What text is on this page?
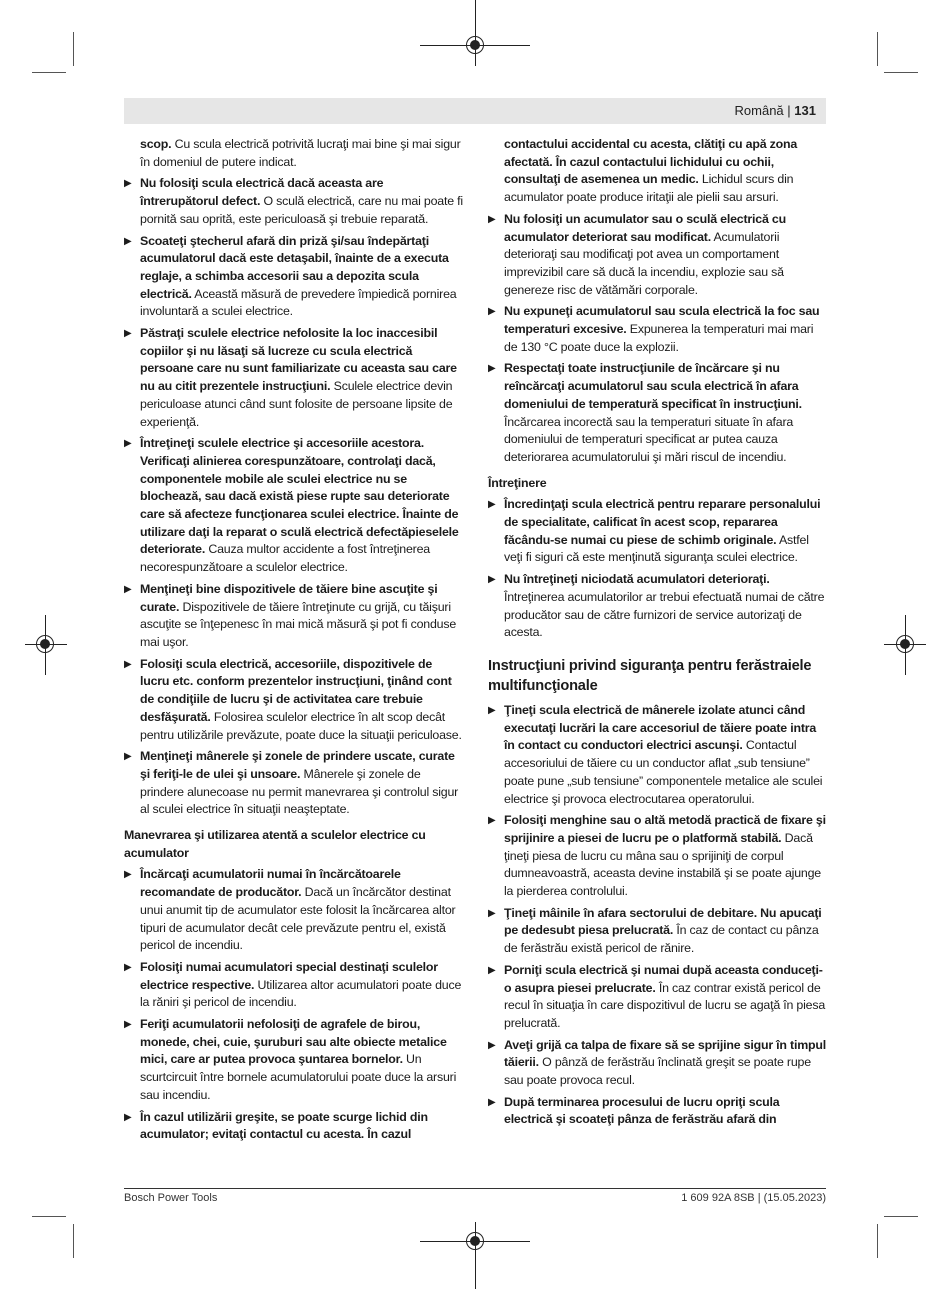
Română | 131
scop. Cu scula electrică potrivită lucraţi mai bine şi mai sigur în domeniul de putere indicat.
▶ Nu folosiţi scula electrică dacă aceasta are întrerupătorul defect. O sculă electrică, care nu mai poate fi pornită sau oprită, este periculoasă şi trebuie reparată.
▶ Scoateţi ştecherul afară din priză şi/sau îndepărtaţi acumulatorul dacă este detaşabil, înainte de a executa reglaje, a schimba accesorii sau a depozita scula electrică. Această măsură de prevedere împiedică pornirea involuntară a sculei electrice.
▶ Păstraţi sculele electrice nefolosite la loc inaccesibil copiilor şi nu lăsaţi să lucreze cu scula electrică persoane care nu sunt familiarizate cu aceasta sau care nu au citit prezentele instrucţiuni. Sculele electrice devin periculoase atunci când sunt folosite de persoane lipsite de experienţă.
▶ Întreţineţi sculele electrice şi accesoriile acestora. Verificaţi alinierea corespunzătoare, controlaţi dacă, componentele mobile ale sculei electrice nu se blochează, sau dacă există piese rupte sau deteriorate care să afecteze funcţionarea sculei electrice. Înainte de utilizare daţi la reparat o sculă electrică defectăpieselele deteriorate. Cauza multor accidente a fost întreţinerea necorespunzătoare a sculelor electrice.
▶ Menţineţi bine dispozitivele de tăiere bine ascuţite şi curate. Dispozitivele de tăiere întreţinute cu grijă, cu tăişuri ascuţite se înţepenesc în mai mică măsură şi pot fi conduse mai uşor.
▶ Folosiţi scula electrică, accesoriile, dispozitivele de lucru etc. conform prezentelor instrucţiuni, ţinând cont de condiţiile de lucru şi de activitatea care trebuie desfăşurată. Folosirea sculelor electrice în alt scop decât pentru utilizările prevăzute, poate duce la situaţii periculoase.
▶ Menţineţi mânerele şi zonele de prindere uscate, curate şi feriţi-le de ulei şi unsoare. Mânerele şi zonele de prindere alunecoase nu permit manevrarea şi controlul sigur al sculei electrice în situaţii neaşteptate.
Manevrarea şi utilizarea atentă a sculelor electrice cu acumulator
▶ Încărcaţi acumulatorii numai în încărcătoarele recomandate de producător. Dacă un încărcător destinat unui anumit tip de acumulator este folosit la încărcarea altor tipuri de acumulator decât cele prevăzute pentru el, există pericol de incendiu.
▶ Folosiţi numai acumulatori special destinaţi sculelor electrice respective. Utilizarea altor acumulatori poate duce la răniri şi pericol de incendiu.
▶ Feriţi acumulatorii nefolosiţi de agrafele de birou, monede, chei, cuie, şuruburi sau alte obiecte metalice mici, care ar putea provoca şuntarea bornelor. Un scurtcircuit între bornele acumulatorului poate duce la arsuri sau incendiu.
▶ În cazul utilizării greşite, se poate scurge lichid din acumulator; evitaţi contactul cu acesta. În cazul
contactului accidental cu acesta, clătiţi cu apă zona afectată. În cazul contactului lichidului cu ochii, consultaţi de asemenea un medic. Lichidul scurs din acumulator poate produce iritaţii ale pielii sau arsuri.
▶ Nu folosiţi un acumulator sau o sculă electrică cu acumulator deteriorat sau modificat. Acumulatorii deterioraţi sau modificaţi pot avea un comportament imprevizibil care să ducă la incendiu, explozie sau să genereze risc de vătămări corporale.
▶ Nu expuneţi acumulatorul sau scula electrică la foc sau temperaturi excesive. Expunerea la temperaturi mai mari de 130 °C poate duce la explozii.
▶ Respectaţi toate instrucţiunile de încărcare şi nu reîncărcaţi acumulatorul sau scula electrică în afara domeniului de temperatură specificat în instrucţiuni. Încărcarea incorectă sau la temperaturi situate în afara domeniului de temperaturi specificat ar putea cauza deteriorarea acumulatorului şi mări riscul de incendiu.
Întreţinere
▶ Încredinţaţi scula electrică pentru reparare personalului de specialitate, calificat în acest scop, repararea făcându-se numai cu piese de schimb originale. Astfel veţi fi siguri că este menţinută siguranţa sculei electrice.
▶ Nu întreţineţi niciodată acumulatori deterioraţi. Întreţinerea acumulatorilor ar trebui efectuată numai de către producător sau de către furnizori de service autorizaţi de acesta.
Instrucţiuni privind siguranţa pentru ferăstraiele multifuncţionale
▶ Ţineţi scula electrică de mânerele izolate atunci când executaţi lucrări la care accesoriul de tăiere poate intra în contact cu conductori electrici ascunşi. Contactul accesoriului de tăiere cu un conductor aflat „sub tensiune” poate pune „sub tensiune” componentele metalice ale sculei electrice şi provoca electrocutarea operatorului.
▶ Folosiţi menghine sau o altă metodă practică de fixare şi sprijinire a piesei de lucru pe o platformă stabilă. Dacă ţineţi piesa de lucru cu mâna sau o sprijiniţi de corpul dumneavoastră, aceasta devine instabilă şi se poate ajunge la pierderea controlului.
▶ Ţineţi mâinile în afara sectorului de debitare. Nu apucaţi pe dedesubt piesa prelucrată. În caz de contact cu pânza de ferăstrău există pericol de rănire.
▶ Porniţi scula electrică şi numai după aceasta conduceţi-o asupra piesei prelucrate. În caz contrar există pericol de recul în situaţia în care dispozitivul de lucru se agaţă în piesa prelucrată.
▶ Aveţi grijă ca talpa de fixare să se sprijine sigur în timpul tăierii. O pânză de ferăstrău înclinată greşit se poate rupe sau poate provoca recul.
▶ După terminarea procesului de lucru opriţi scula electrică şi scoateţi pânza de ferăstrău afară din
Bosch Power Tools	1 609 92A 8SB | (15.05.2023)
